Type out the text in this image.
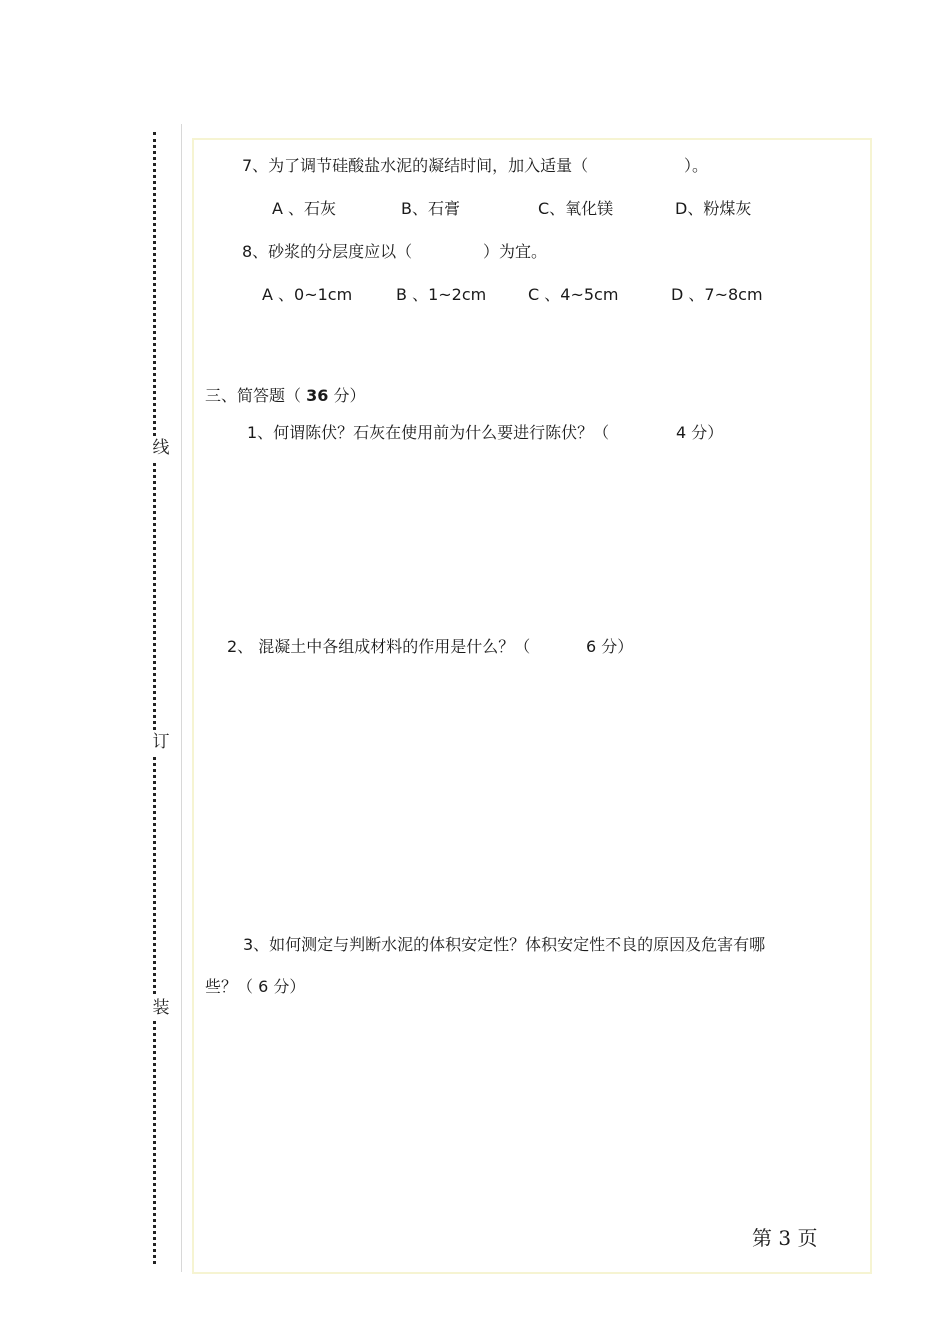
线
订
装
7、为了调节硅酸盐水泥的凝结时间，加入适量（	）。
A 、石灰	B、石膏	C、氧化镁	D、粉煤灰
8、砂浆的分层度应以（	）为宜。
A 、0~1cm	B 、1~2cm	C 、4~5cm	D 、7~8cm
三、简答题（ 36 分）
1、何谓陈伏？石灰在使用前为什么要进行陈伏？（	4 分）
2、 混凝土中各组成材料的作用是什么？（	6 分）
3、如何测定与判断水泥的体积安定性？体积安定性不良的原因及危害有哪
些？（ 6 分）
第 3 页
